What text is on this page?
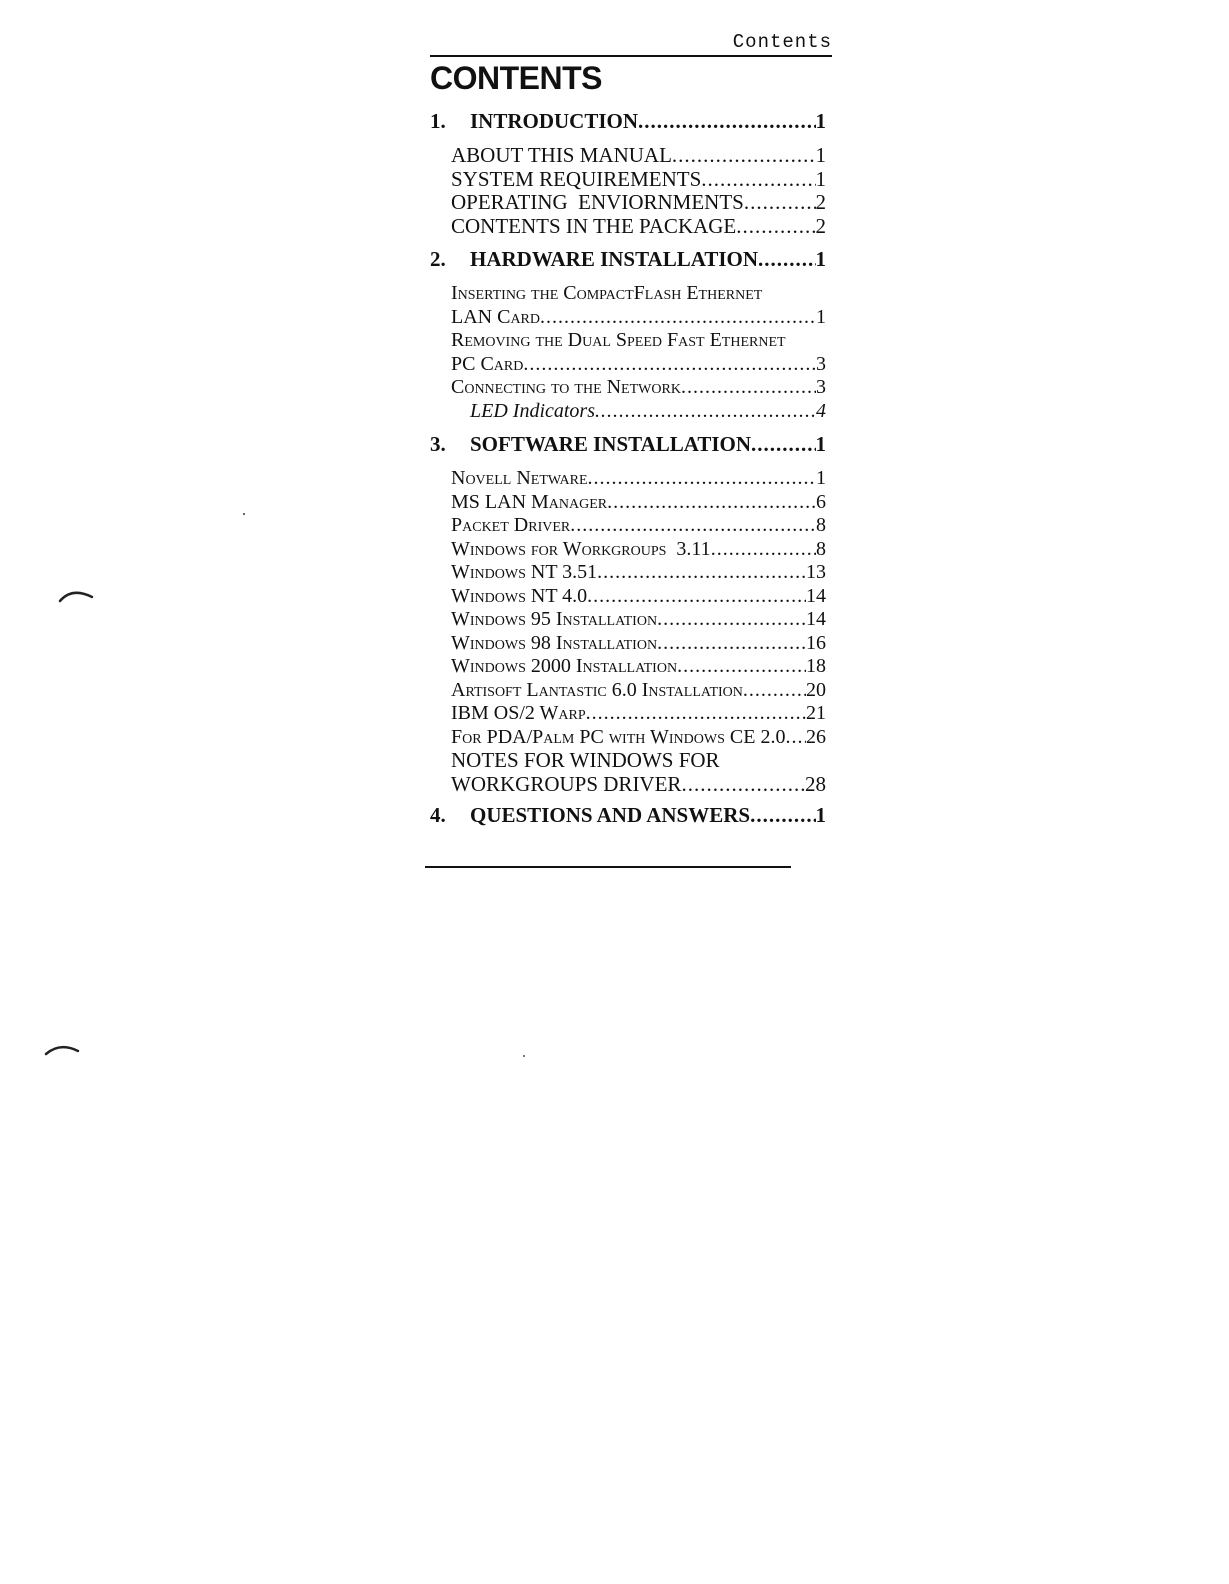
Contents
CONTENTS
1. INTRODUCTION .....	1
ABOUT THIS MANUAL .....	1
SYSTEM REQUIREMENTS .....	1
OPERATING  ENVIORNMENTS .....	2
CONTENTS IN THE PACKAGE .....	2
2. HARDWARE INSTALLATION .....	1
Inserting the CompactFlash Ethernet
LAN Card .....	1
Removing the Dual Speed Fast Ethernet
PC Card .....	3
Connecting to the Network .....	3
LED Indicators .....	4
3. SOFTWARE INSTALLATION .....	1
Novell Netware .....	1
MS LAN Manager .....	6
Packet Driver .....	8
Windows for Workgroups  3.11 .....	8
Windows NT 3.51 .....	13
Windows NT 4.0 .....	14
Windows 95 Installation .....	14
Windows 98 Installation .....	16
Windows 2000 Installation .....	18
Artisoft Lantastic 6.0 Installation .....	20
IBM OS/2 Warp .....	21
For PDA/Palm PC with Windows CE 2.0 ..... 26
NOTES FOR WINDOWS FOR
WORKGROUPS DRIVER .....	28
4. QUESTIONS AND ANSWERS .....	1
